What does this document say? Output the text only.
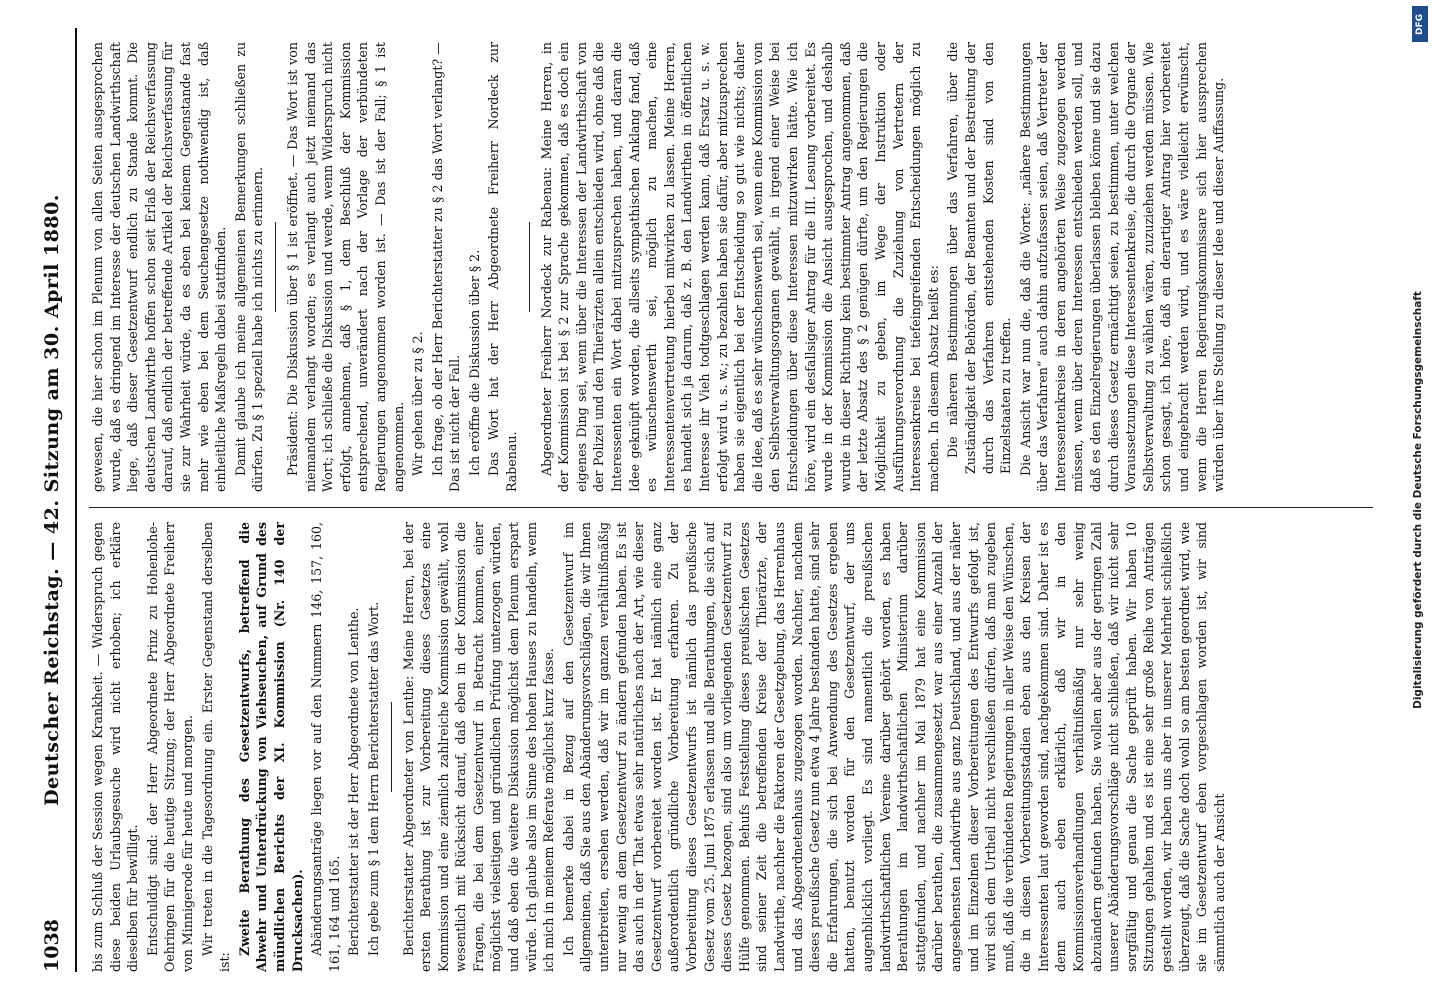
1038
Deutscher Reichstag. — 42. Sitzung am 30. April 1880. bis zum Schluß der Session wegen Krankheit. — Widerspruch gegen diese beiden Urlaubsgesuche wird nicht erhoben; ich erkläre dieselben für bewilligt. Entschuldigt sind: der Herr Abgeordnete Prinz zu Hohenlohe-Oehringen für die heutige Sitzung; der Herr Abgeordnete Freiherr von Minnigerode für heute und morgen. Wir treten in die Tagesordnung ein. Erster Gegenstand derselben ist:

Zweite Berathung des Gesetzentwurfs, betreffend die Abwehr und Unterdrückung von Viehseuchen, auf Grund des mündlichen Berichts der XI. Kommission (Nr. 140 der Drucksachen). Abänderungsanträge liegen vor auf den Nummern 146, 157, 160, 161, 164 und 165. Berichterstatter ist der Herr Abgeordnete von Lenthe. Ich gebe zum § 1 dem Herrn Berichterstatter das Wort. Berichterstatter Abgeordneter von Lenthe: Meine Herren, bei der ersten Berathung ist zur Vorbereitung dieses Gesetzes eine Kommission und eine ziemlich zahlreiche Kommission gewählt, wohl wesentlich mit Rücksicht darauf, daß eben in der Kommission die Fragen, die bei dem Gesetzentwurf in Betracht kommen, einer möglichst vielseitigen und gründlichen Prüfung unterzogen würden, und daß eben die weitere Diskussion möglichst dem Plenum erspart würde. Ich glaube also im Sinne des hohen Hauses zu handeln, wenn ich mich in meinem Referate möglichst kurz fasse. Ich bemerke dabei in Bezug auf den Gesetzentwurf im allgemeinen, daß Sie aus den Abänderungsvorschlägen, die wir Ihnen unterbreiten, ersehen werden, daß wir im ganzen verhältnißmäßig nur wenig an dem Gesetzentwurf zu ändern gefunden haben. Es ist das auch in der That etwas sehr natürliches nach der Art, wie dieser Gesetzentwurf vorbereitet worden ist. Er hat nämlich eine ganz außerordentlich gründliche Vorbereitung erfahren. Zu der Vorbereitung dieses Gesetzentwurfs ist nämlich das preußische Gesetz vom 25. Juni 1875 erlassen und alle Berathungen, die sich auf dieses Gesetz bezogen, sind also um vorliegenden Gesetzentwurf zu Hülfe genommen. Behufs Feststellung dieses preußischen Gesetzes sind seiner Zeit die betreffenden Kreise der Thierärzte, der Landwirthe, nachher die Faktoren der Gesetzgebung, das Herrenhaus und das Abgeordnetenhaus zugezogen worden. Nachher, nachdem dieses preußische Gesetz nun etwa 4 Jahre bestanden hatte, sind sehr die Erfahrungen, die sich bei Anwendung des Gesetzes ergeben hatten, benutzt worden für den Gesetzentwurf, der uns augenblicklich vorliegt. Es sind namentlich die preußischen landwirthschaftlichen Vereine darüber gehört worden, es haben Berathungen im landwirthschaftlichen Ministerium darüber stattgefunden, und nachher im Mai 1879 hat eine Kommission darüber berathen, die zusammengesetzt war aus einer Anzahl der angesehensten Landwirthe aus ganz Deutschland, und aus der näher und im Einzelnen dieser Vorbereitungen des Entwurfs gefolgt ist, wird sich dem Urtheil nicht verschließen dürfen, daß man zugeben muß, daß die verbündeten Regierungen in aller Weise den Wünschen, die in diesen Vorbereitungsstadien eben aus den Kreisen der Interessenten laut geworden sind, nachgekommen sind. Daher ist es denn auch eben erklärlich, daß wir in den Kommissionsverhandlungen verhältnißmäßig nur sehr wenig abzuändern gefunden haben. Sie wollen aber aus der geringen Zahl unserer Abänderungsvorschläge nicht schließen, daß wir nicht sehr sorgfältig und genau die Sache geprüft haben. Wir haben 10 Sitzungen gehalten und es ist eine sehr große Reihe von Anträgen gestellt worden, wir haben uns aber in unserer Mehrheit schließlich überzeugt, daß die Sache doch wohl so am besten geordnet wird, wie sie im Gesetzentwurf eben vorgeschlagen worden ist, wir sind sämmtlich auch der Ansicht

gewesen, die hier schon im Plenum von allen Seiten ausgesprochen wurde, daß es dringend im Interesse der deutschen Landwirthschaft liege, daß dieser Gesetzentwurf endlich zu Stande kommt. Die deutschen Landwirthe hoffen schon seit Erlaß der Reichsverfassung darauf, daß endlich der betreffende Artikel der Reichsverfassung für sie zur Wahrheit würde, da es eben bei keinem Gegenstande fast mehr wie eben bei dem Seuchengesetze nothwendig ist, daß einheitliche Maßregeln dabei stattfinden. Damit glaube ich meine allgemeinen Bemerkungen schließen zu dürfen. Zu § 1 speziell habe ich nichts zu erinnern. Präsident: Die Diskussion über § 1 ist eröffnet. — Das Wort ist von niemandem verlangt worden; es verlangt auch jetzt niemand das Wort; ich schließe die Diskussion und werde, wenn Widerspruch nicht erfolgt, annehmen, daß § 1, dem Beschluß der Kommission entsprechend, unverändert nach der Vorlage der verbündeten Regierungen angenommen worden ist. — Das ist der Fall; § 1 ist angenommen. Wir gehen über zu § 2. Ich frage, ob der Herr Berichterstatter zu § 2 das Wort verlangt? — Das ist nicht der Fall. Ich eröffne die Diskussion über § 2. Das Wort hat der Herr Abgeordnete Freiherr Nordeck zur Rabenau. Abgeordneter Freiherr Nordeck zur Rabenau: Meine Herren, in der Kommission ist bei § 2 zur Sprache gekommen, daß es doch ein eigenes Ding sei, wenn über die Interessen der Landwirthschaft von der Polizei und den Thierärzten allein entschieden wird, ohne daß die Interessenten ein Wort dabei mitzusprechen haben, und daran die Idee geknüpft worden, die allseits sympathischen Anklang fand, daß es wünschenswerth sei, möglich zu machen, eine Interessentenvertretung hierbei mitwirken zu lassen. Meine Herren, es handelt sich ja darum, daß z. B. den Landwirthen in öffentlichen Interesse ihr Vieh todtgeschlagen werden kann, daß Ersatz u. s. w. erfolgt wird u. s. w.; zu bezahlen haben sie dafür, aber mitzusprechen haben sie eigentlich bei der Entscheidung so gut wie nichts; daher die Idee, daß es sehr wünschenswerth sei, wenn eine Kommission von den Selbstverwaltungsorganen gewählt, in irgend einer Weise bei Entscheidungen über diese Interessen mitzuwirken hätte. Wie ich höre, wird ein desfallsiger Antrag für die III. Lesung vorbereitet. Es wurde in der Kommission die Ansicht ausgesprochen, und deshalb wurde in dieser Richtung kein bestimmter Antrag angenommen, daß der letzte Absatz des § 2 genügen dürfte, um den Regierungen die Möglichkeit zu geben, im Wege der Instruktion oder Ausführungsverordnung die Zuziehung von Vertretern der Interessenkreise bei tiefeingreifenden Entscheidungen möglich zu machen. In diesem Absatz heißt es: Die näheren Bestimmungen über das Verfahren, über die Zuständigkeit der Behörden, der Beamten und der Bestreitung der durch das Verfahren entstehenden Kosten sind von den Einzelstaaten zu treffen. Die Ansicht war nun die, daß die Worte: „nähere Bestimmungen über das Verfahren“ auch dahin aufzufassen seien, daß Vertreter der Interessentenkreise in deren angehörten Weise zugezogen werden müssen, wenn über deren Interessen entschieden werden soll, und daß es den Einzelregierungen überlassen bleiben könne und sie dazu durch dieses Gesetz ermächtigt seien, zu bestimmen, unter welchen Voraussetzungen diese Interessentenkreise, die durch die Organe der Selbstverwaltung zu wählen wären, zuzuziehen werden müssen. Wie schon gesagt, ich höre, daß ein derartiger Antrag hier vorbereitet und eingebracht werden wird, und es wäre vielleicht erwünscht, wenn die Herren Regierungskommissare sich hier aussprechen würden über ihre Stellung zu dieser Idee und dieser Auffassung.

Digitalisierung gefördert durch die Deutsche Forschungsgemeinschaft
DFG
